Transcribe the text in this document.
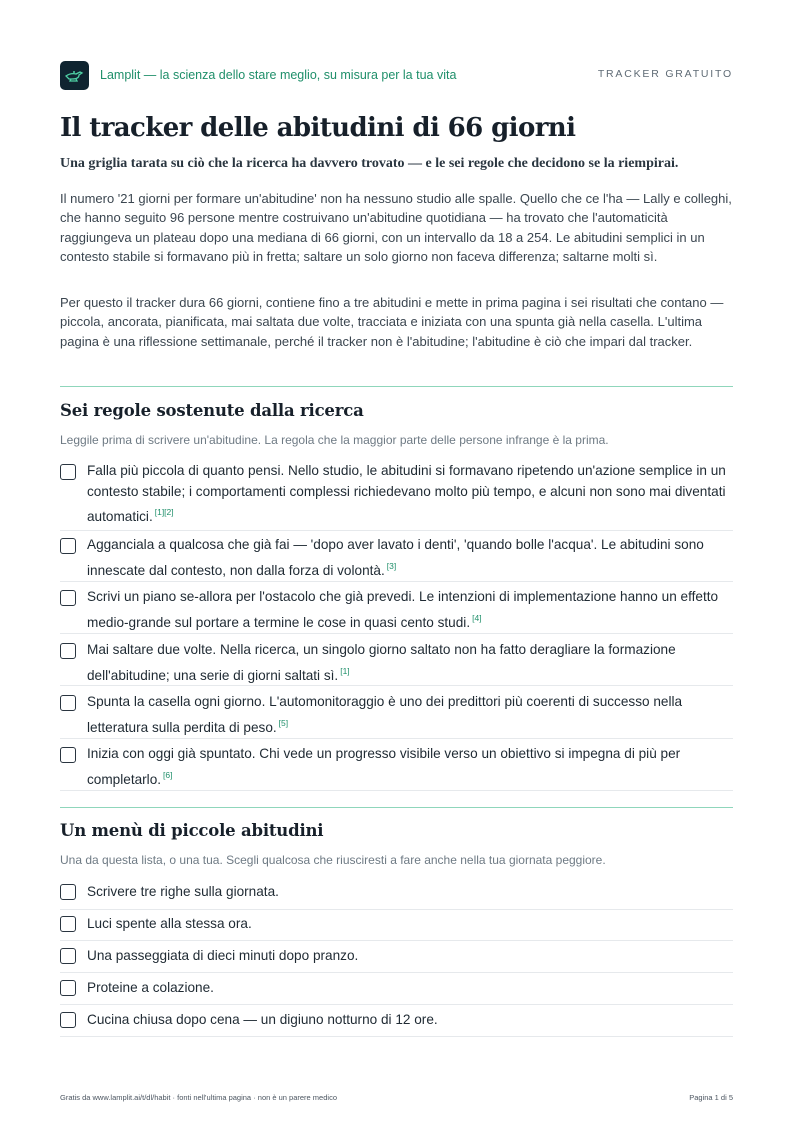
Lamplit — la scienza dello stare meglio, su misura per la tua vita	TRACKER GRATUITO
Il tracker delle abitudini di 66 giorni
Una griglia tarata su ciò che la ricerca ha davvero trovato — e le sei regole che decidono se la riempirai.

Il numero '21 giorni per formare un'abitudine' non ha nessuno studio alle spalle. Quello che ce l'ha — Lally e colleghi, che hanno seguito 96 persone mentre costruivano un'abitudine quotidiana — ha trovato che l'automaticità raggiungeva un plateau dopo una mediana di 66 giorni, con un intervallo da 18 a 254. Le abitudini semplici in un contesto stabile si formavano più in fretta; saltare un solo giorno non faceva differenza; saltarne molti sì.

Per questo il tracker dura 66 giorni, contiene fino a tre abitudini e mette in prima pagina i sei risultati che contano — piccola, ancorata, pianificata, mai saltata due volte, tracciata e iniziata con una spunta già nella casella. L'ultima pagina è una riflessione settimanale, perché il tracker non è l'abitudine; l'abitudine è ciò che impari dal tracker.

Sei regole sostenute dalla ricerca
Leggile prima di scrivere un'abitudine. La regola che la maggior parte delle persone infrange è la prima.
Falla più piccola di quanto pensi. Nello studio, le abitudini si formavano ripetendo un'azione semplice in un contesto stabile; i comportamenti complessi richiedevano molto più tempo, e alcuni non sono mai diventati automatici. [1][2]
Agganciala a qualcosa che già fai — 'dopo aver lavato i denti', 'quando bolle l'acqua'. Le abitudini sono innescate dal contesto, non dalla forza di volontà. [3]
Scrivi un piano se-allora per l'ostacolo che già prevedi. Le intenzioni di implementazione hanno un effetto medio-grande sul portare a termine le cose in quasi cento studi. [4]
Mai saltare due volte. Nella ricerca, un singolo giorno saltato non ha fatto deragliare la formazione dell'abitudine; una serie di giorni saltati sì. [1]
Spunta la casella ogni giorno. L'automonitoraggio è uno dei predittori più coerenti di successo nella letteratura sulla perdita di peso. [5]
Inizia con oggi già spuntato. Chi vede un progresso visibile verso un obiettivo si impegna di più per completarlo. [6]
Un menù di piccole abitudini
Una da questa lista, o una tua. Scegli qualcosa che riusciresti a fare anche nella tua giornata peggiore.
Scrivere tre righe sulla giornata.
Luci spente alla stessa ora.
Una passeggiata di dieci minuti dopo pranzo.
Proteine a colazione.
Cucina chiusa dopo cena — un digiuno notturno di 12 ore.
Gratis da www.lamplit.ai/t/dl/habit · fonti nell'ultima pagina · non è un parere medico	Pagina 1 di 5
